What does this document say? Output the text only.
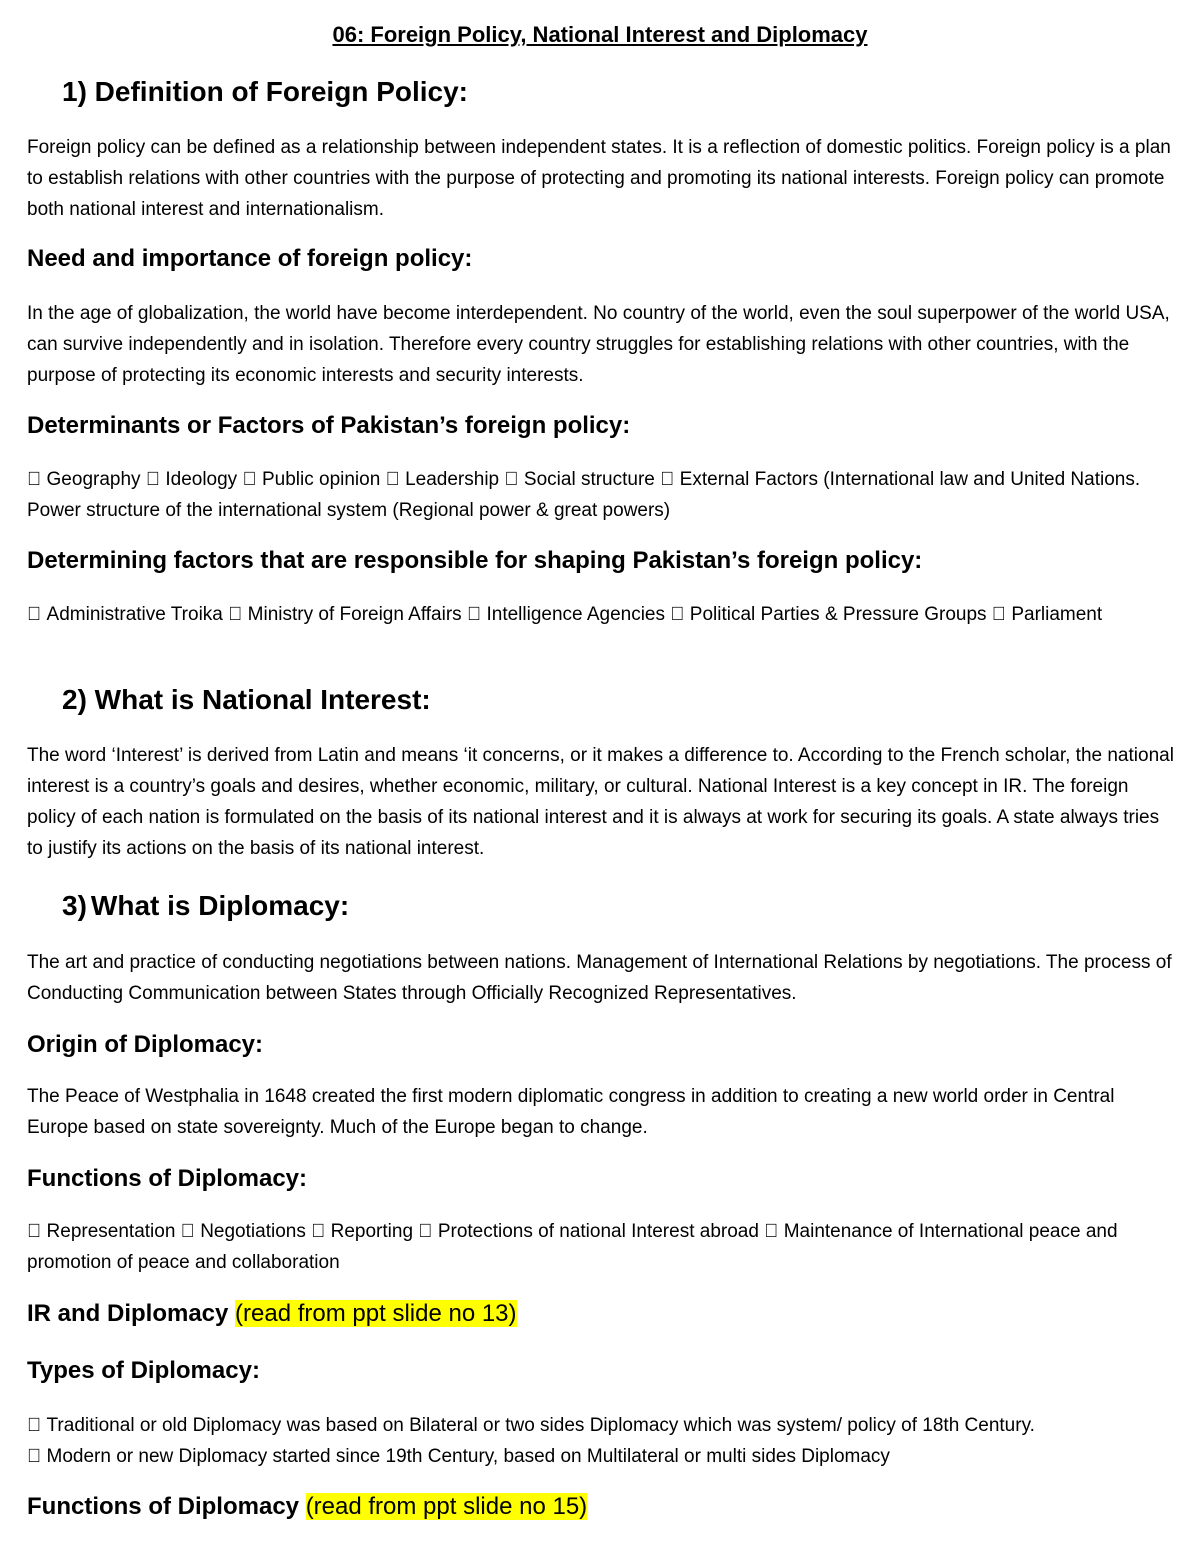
06: Foreign Policy, National Interest and Diplomacy
1) Definition of Foreign Policy:
Foreign policy can be defined as a relationship between independent states. It is a reflection of domestic politics. Foreign policy is a plan to establish relations with other countries with the purpose of protecting and promoting its national interests. Foreign policy can promote both national interest and internationalism.
Need and importance of foreign policy:
In the age of globalization, the world have become interdependent. No country of the world, even the soul superpower of the world USA, can survive independently and in isolation. Therefore every country struggles for establishing relations with other countries, with the purpose of protecting its economic interests and security interests.
Determinants or Factors of Pakistan’s foreign policy:
Geography Ideology Public opinion Leadership Social structure External Factors (International law and United Nations. Power structure of the international system (Regional power & great powers)
Determining factors that are responsible for shaping Pakistan’s foreign policy:
Administrative Troika Ministry of Foreign Affairs Intelligence Agencies Political Parties & Pressure Groups Parliament
2) What is National Interest:
The word ‘Interest’ is derived from Latin and means ‘it concerns, or it makes a difference to. According to the French scholar, the national interest is a country’s goals and desires, whether economic, military, or cultural. National Interest is a key concept in IR. The foreign policy of each nation is formulated on the basis of its national interest and it is always at work for securing its goals. A state always tries to justify its actions on the basis of its national interest.
3) What is Diplomacy:
The art and practice of conducting negotiations between nations. Management of International Relations by negotiations. The process of Conducting Communication between States through Officially Recognized Representatives.
Origin of Diplomacy:
The Peace of Westphalia in 1648 created the first modern diplomatic congress in addition to creating a new world order in Central Europe based on state sovereignty. Much of the Europe began to change.
Functions of Diplomacy:
Representation Negotiations Reporting Protections of national Interest abroad Maintenance of International peace and promotion of peace and collaboration
IR and Diplomacy (read from ppt slide no 13)
Types of Diplomacy:
Traditional or old Diplomacy was based on Bilateral or two sides Diplomacy which was system/ policy of 18th Century.
Modern or new Diplomacy started since 19th Century, based on Multilateral or multi sides Diplomacy
Functions of Diplomacy (read from ppt slide no 15)
